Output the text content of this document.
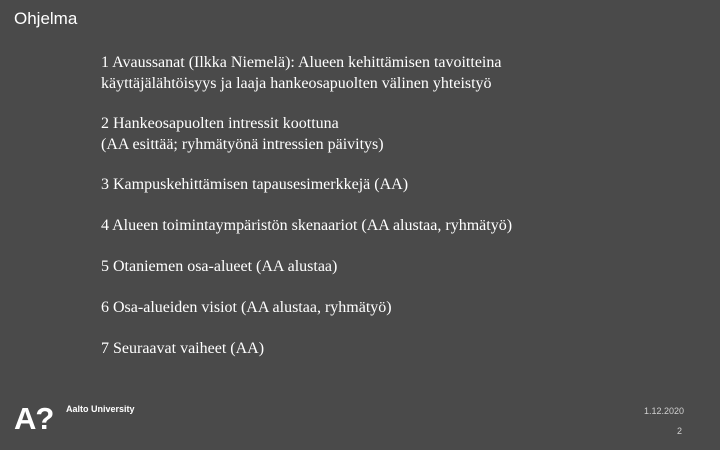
Ohjelma
1 Avaussanat (Ilkka Niemelä): Alueen kehittämisen tavoitteina
käyttäjälähtöisyys ja laaja hankeosapuolten välinen yhteistyö
2 Hankeosapuolten intressit koottuna
(AA esittää; ryhmätyönä intressien päivitys)
3 Kampuskehittämisen tapausesimerkkejä (AA)
4 Alueen toimintaympäristön skenaariot (AA alustaa, ryhmätyö)
5 Otaniemen osa-alueet (AA alustaa)
6 Osa-alueiden visiot (AA alustaa, ryhmätyö)
7 Seuraavat vaiheet (AA)
A? Aalto University	1.12.2020
2
